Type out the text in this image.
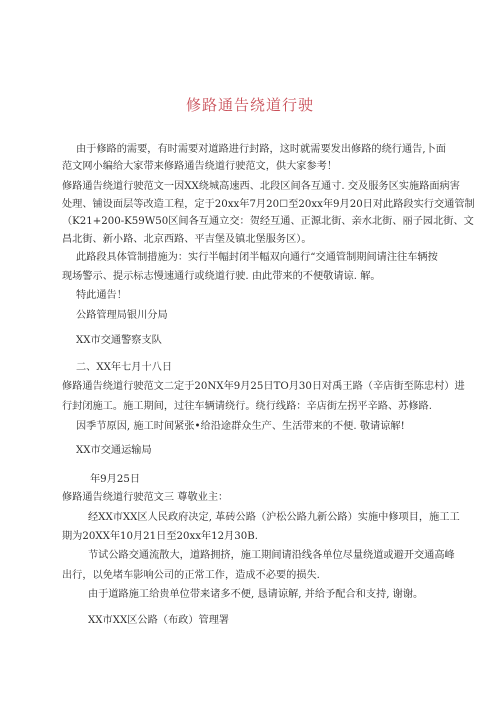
修路通告绕道行驶
由于修路的需要，有时需要对道路进行封路，这时就需要发出修路的绕行通告,卜面
范文网小编给大家带来修路通告绕道行驶范文，供大家参考！
修路通告绕道行驶范文一因XX绕城高速西、北段区间各互通寸. 交及服务区实施路面病害
处理、铺设面层等改造工程，定于20xx年7月20☐至20xx年9月20日对此路段实行交通管制
（K21+200-K59W50区间各互通立交：贺经互通、正源北街、亲水北街、丽子园北街、文
昌北街、新小路、北京西路、平吉堡及镇北堡服务区）。
此路段具体管制措施为：实行半幅封闭半幅双向通行“交通管制期间请注往车辆按
现场警示、提示标志慢速通行或绕道行驶. 由此带来的不便敬请谅. 解。
特此通告！
公路管理局银川分局
XX市交通警察支队
二、XX年七月十八日
修路通告绕道行驶范文二定于20NX年9月25日TO月30日对禹王路（辛店街至陈忠村）进
行封闭施工。施工期间，过往车辆请绕行。绕行线路：辛店街左拐平辛路、苏修路.
因季节原因, 施工时间紧张•给沿途群众生产、生活带来的不便. 敬请谅解!
XX市交通运输局
年9月25日
修路通告绕道行驶范文三 尊敬业主：
经XX市XX区人民政府决定, 革砖公路（沪松公路九新公路）实施中修项目，施工工
期为20XX年10月21日至20xx年12月30B.
节试公路交通流散大，道路拥挤，施工期间请沿线各单位尽量绕道或避开交通高峰
出行，以免堵车影响公司的正常工作，造成不必要的损失.
由于道路施工给贵单位带来诸多不便, 恳请谅解, 并给予配合和支持, 谢谢。
XX市XX区公路（布政）管理署
